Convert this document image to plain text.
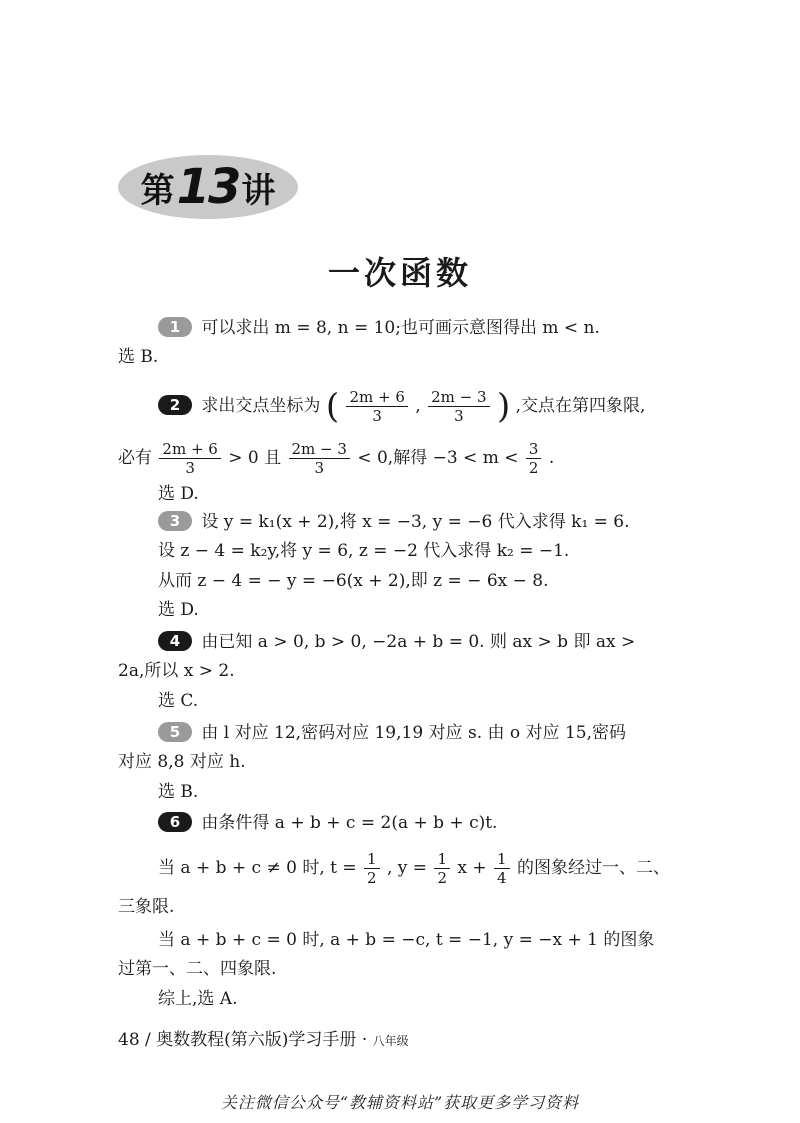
第 13 讲
一次函数
1 可以求出 m = 8, n = 10;也可画示意图得出 m < n.
选 B.
2 求出交点坐标为 ( $\frac{2m + 6}{3}$ , $\frac{2m - 3}{3}$ ) ,交点在第四象限,
必有 $\frac{2m + 6}{3} > 0$ 且 $\frac{2m - 3}{3} < 0$,解得 $-3 < m < \frac{3}{2}$ .
选 D.
3 设 y = k₁(x + 2),将 x = −3, y = −6 代入求得 k₁ = 6.
设 z − 4 = k₂y,将 y = 6, z = −2 代入求得 k₂ = −1.
从而 z − 4 = − y = −6(x + 2),即 z = − 6x − 8.
选 D.
4 由已知 a > 0, b > 0, −2a + b = 0. 则 ax > b 即 ax >
2a,所以 x > 2.
选 C.
5 由 l 对应 12,密码对应 19,19 对应 s. 由 o 对应 15,密码
对应 8,8 对应 h.
选 B.
6 由条件得 a + b + c = 2(a + b + c)t.
当 a + b + c ≠ 0 时, $t = \frac{1}{2}$ , $y = \frac{1}{2}$ $x + \frac{1}{4}$ 的图象经过一、二、
三象限.
当 a + b + c = 0 时, a + b = −c, t = −1, y = −x + 1 的图象
过第一、二、四象限.
综上,选 A.
48 / 奥数教程(第六版)学习手册 · 八年级
关注微信公众号“教辅资料站”获取更多学习资料
